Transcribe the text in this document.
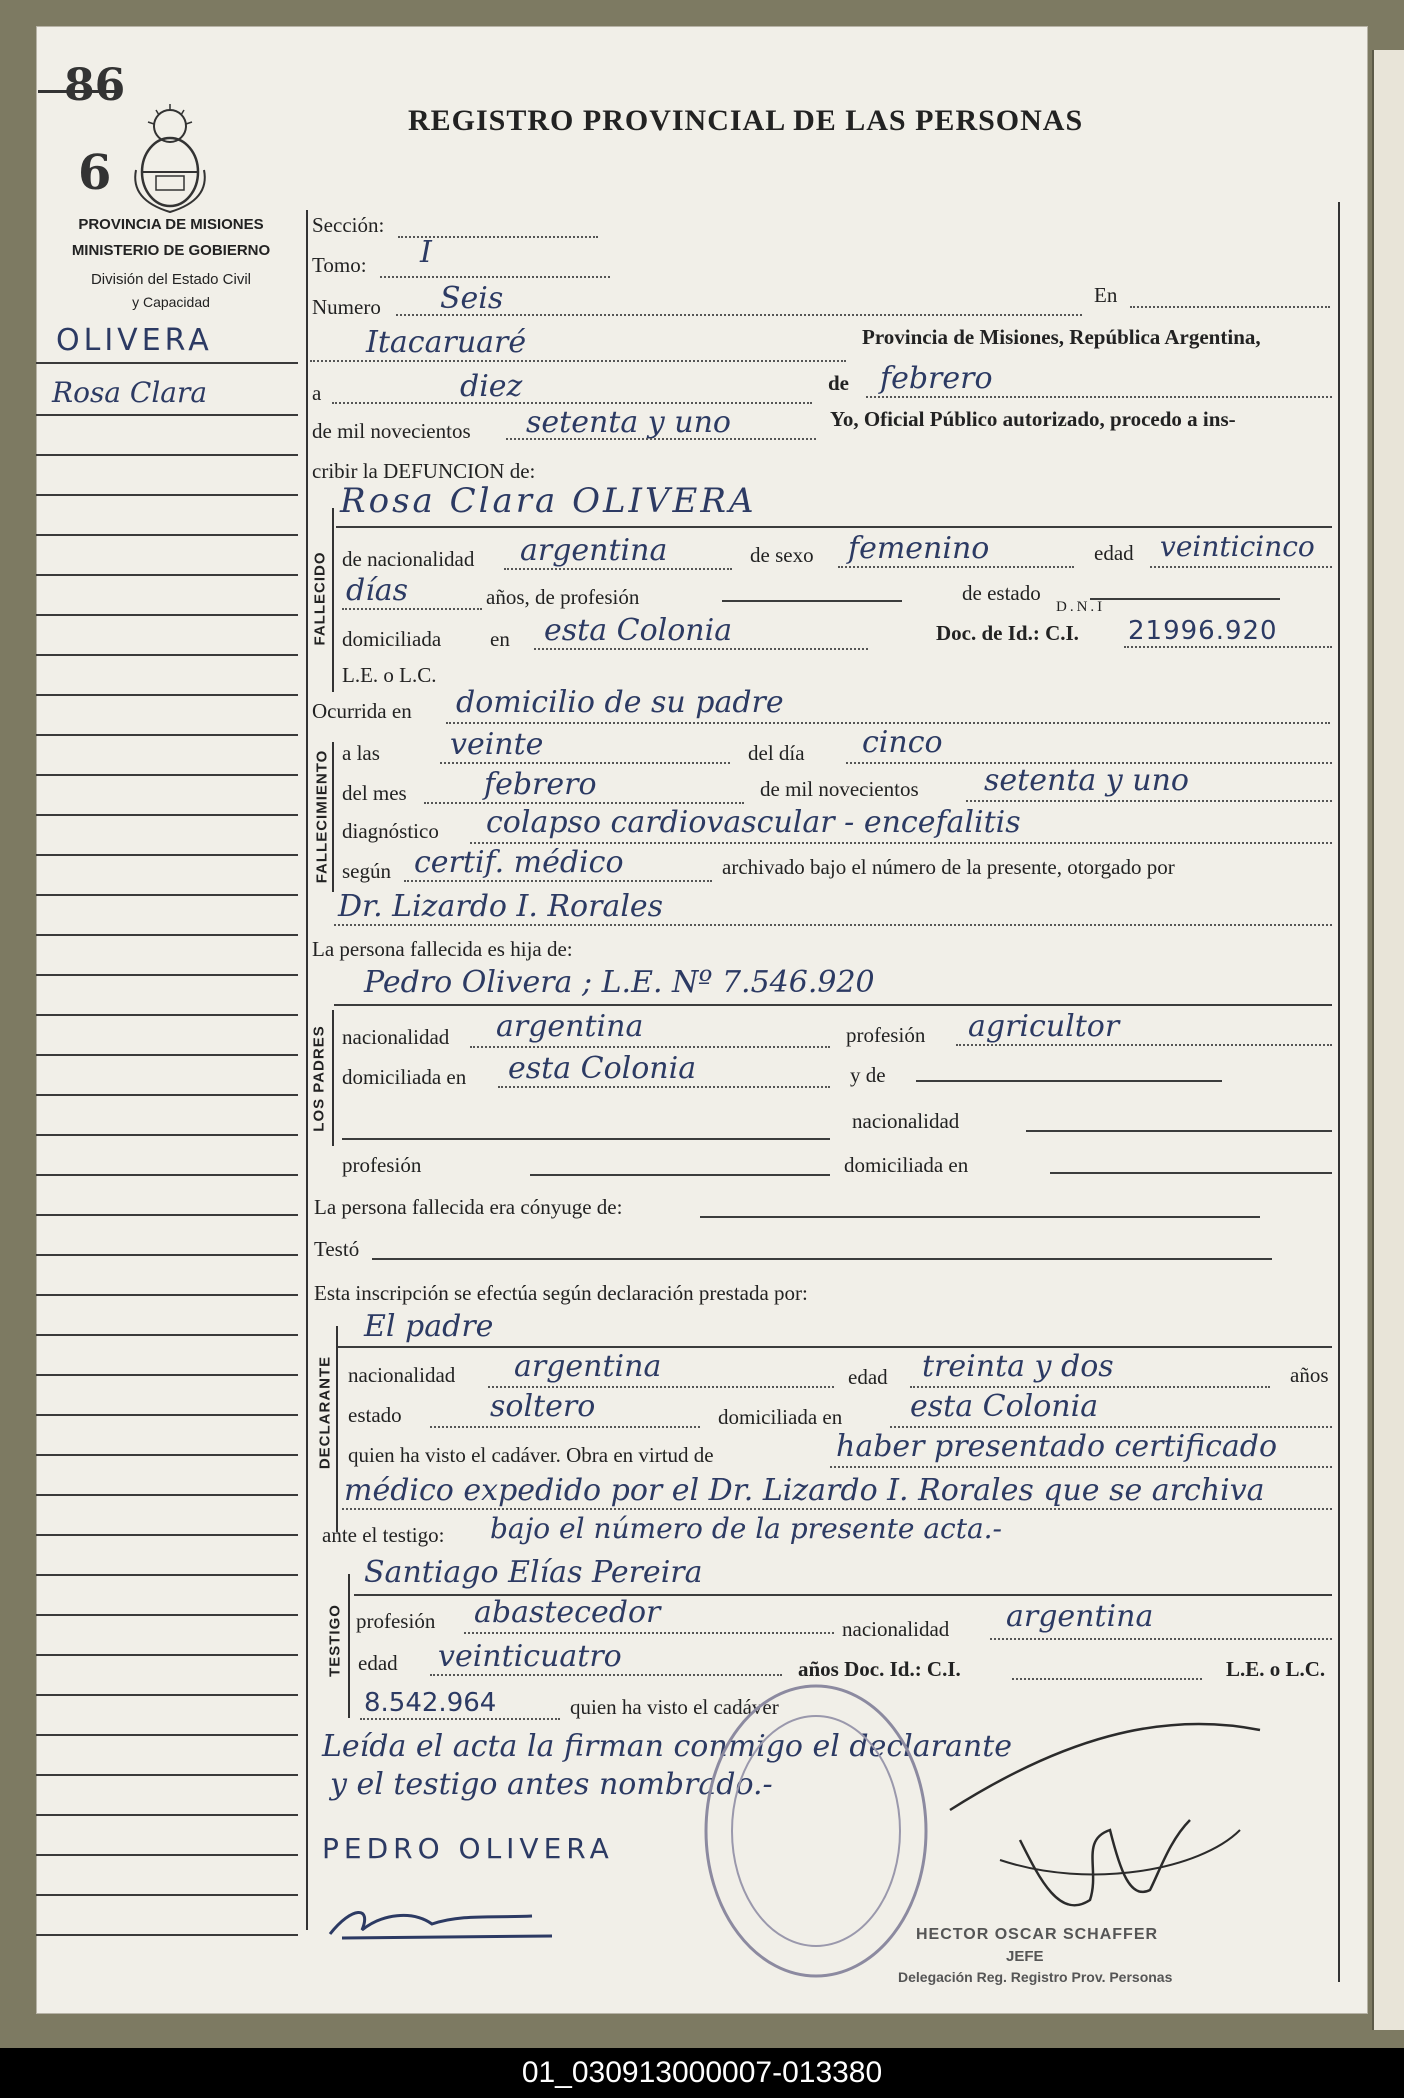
86
6
REGISTRO PROVINCIAL DE LAS PERSONAS
PROVINCIA DE MISIONES
MINISTERIO DE GOBIERNO
División del Estado Civil
y Capacidad
OLIVERA
Rosa Clara
Sección:
Tomo: I
Numero Seis	En
Itacaruaré	Provincia de Misiones, República Argentina,
a	diez	de febrero
de mil novecientos setenta y uno	Yo, Oficial Público autorizado, procedo a ins-
cribir la DEFUNCION de:
Rosa Clara OLIVERA
FALLECIDO de nacionalidad argentina	de sexo femenino	edad veinticinco
días	años, de profesión	de estado
domiciliada en esta Colonia	Doc. de Id.: C.I.
D.N.I
21996.920
L.E. o L.C.
Ocurrida en domicilio de su padre
FALLECIMIENTO a las veinte	del día cinco
del mes	febrero	de mil novecientos setenta y uno
diagnóstico colapso cardiovascular - encefalitis
según certif. médico	archivado bajo el número de la presente, otorgado por
Dr. Lizardo I. Rorales
La persona fallecida es hija de:
Pedro Olivera ; L.E. Nº 7.546.920
LOS PADRES nacionalidad argentina	profesión agricultor
domiciliada en esta Colonia	y de
nacionalidad
profesión	domiciliada en
La persona fallecida era cónyuge de:
Testó
Esta inscripción se efectúa según declaración prestada por:
El padre
DECLARANTE nacionalidad argentina	edad treinta y dos	años
estado	soltero	domiciliada en esta Colonia
quien ha visto el cadáver. Obra en virtud de	haber presentado certificado
médico expedido por el Dr. Lizardo I. Rorales que se archiva
ante el testigo: bajo el número de la presente acta.-
Santiago Elías Pereira
TESTIGO profesión abastecedor	nacionalidad argentina
edad veinticuatro	años Doc. Id.: C.I.	L.E. o L.C.
8.542.964	quien ha visto el cadáver
Leída el acta la firman conmigo el declarante
y el testigo antes nombrado.-
PEDRO OLIVERA
HECTOR OSCAR SCHAFFER
JEFE
Delegación Reg. Registro Prov. Personas
01_030913000007-013380
